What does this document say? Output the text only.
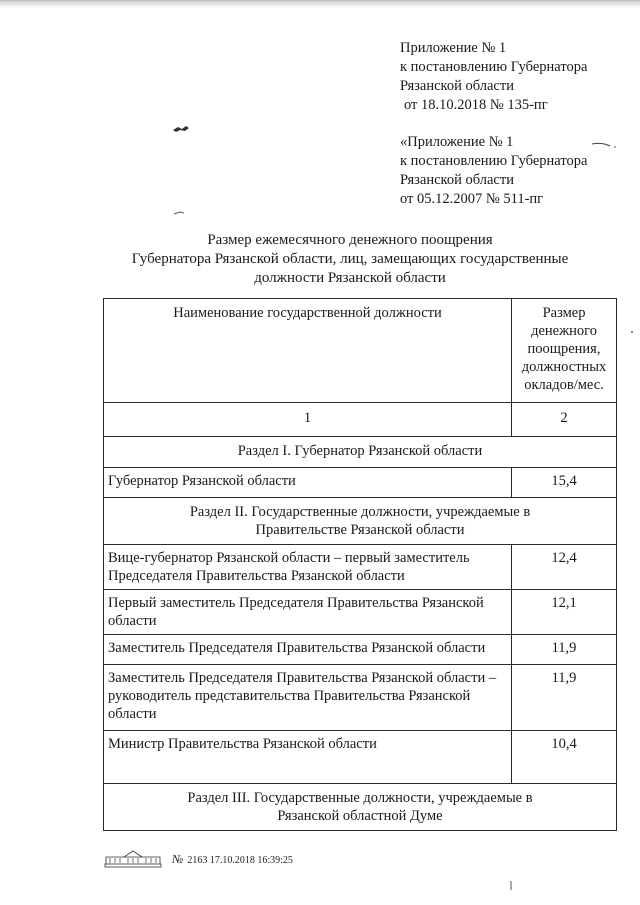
Приложение № 1
к постановлению Губернатора
Рязанской области
от 18.10.2018 № 135-пг
«Приложение № 1
к постановлению Губернатора
Рязанской области
от 05.12.2007 № 511-пг
Размер ежемесячного денежного поощрения
Губернатора Рязанской области, лиц, замещающих государственные
должности Рязанской области
Наименование государственной должности	Размер
денежного
поощрения,
должностных
окладов/мес.

1	2

Раздел I. Губернатор Рязанской области	

Губернатор Рязанской области	15,4

Раздел II. Государственные должности, учреждаемые в
Правительстве Рязанской области	

Вице-губернатор Рязанской области – первый заместитель Председателя Правительства Рязанской области	12,4
Первый заместитель Председателя Правительства Рязанской области	12,1
Заместитель Председателя Правительства Рязанской области	11,9
Заместитель Председателя Правительства Рязанской области – руководитель представительства Правительства Рязанской области	11,9
Министр Правительства Рязанской области	10,4

Раздел III. Государственные должности, учреждаемые в
Рязанской областной Думе	
№ 2163 17.10.2018 16:39:25
